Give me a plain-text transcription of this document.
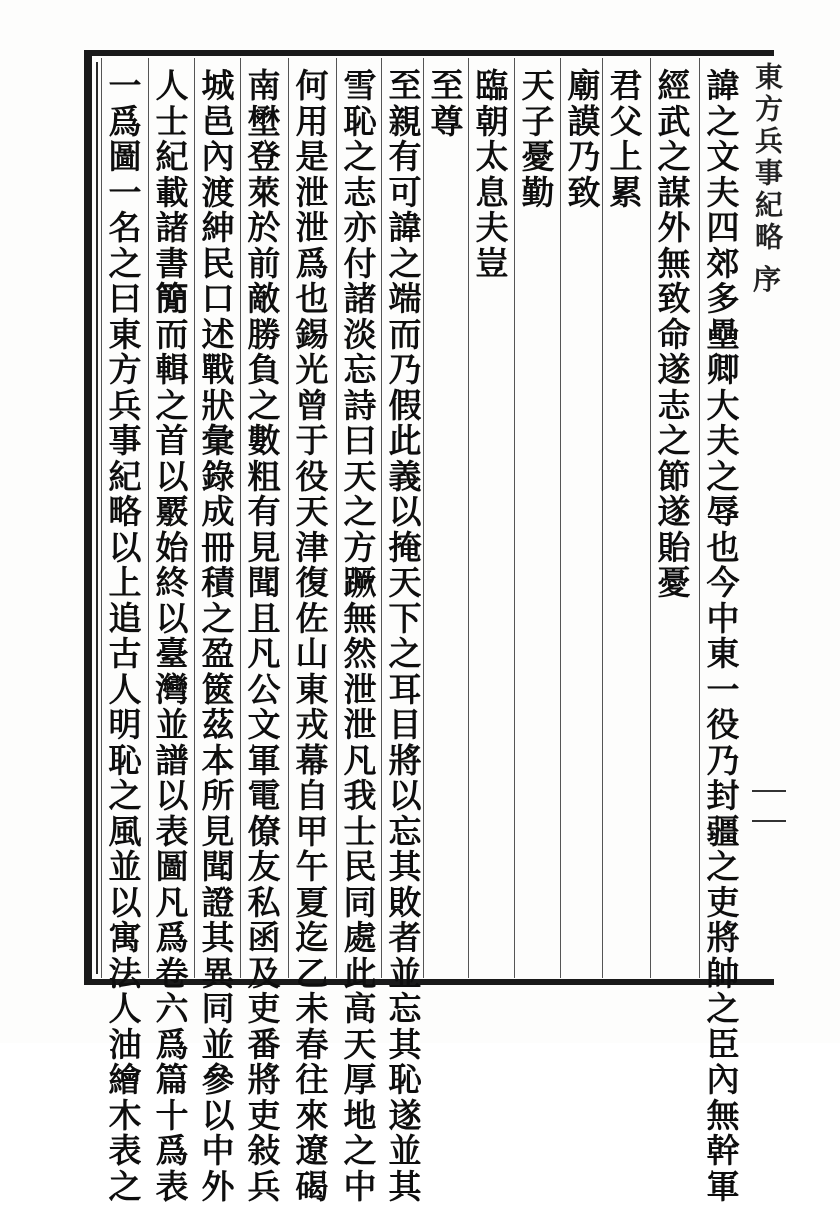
東方兵事紀略
序
諱
之
文
夫
四
郊
多
壘
卿
大
夫
之
辱
也
今
中
東
一
役
乃
封
疆
之
吏
將
帥
之
臣
內
無
幹
軍
經
武
之
謀
外
無
致
命
遂
志
之
節
遂
貽
憂
君
父
上
累
廟
謨
乃
致
天
子
憂
勤
臨
朝
太
息
夫
豈
至
尊
至
親
有
可
諱
之
端
而
乃
假
此
義
以
掩
天
下
之
耳
目
將
以
忘
其
敗
者
並
忘
其
恥
遂
並
其
雪
恥
之
志
亦
付
諸
淡
忘
詩
曰
天
之
方
蹶
無
然
泄
泄
凡
我
士
民
同
處
此
高
天
厚
地
之
中
何
用
是
泄
泄
爲
也
錫
光
曾
于
役
天
津
復
佐
山
東
戎
幕
自
甲
午
夏
迄
乙
未
春
往
來
遼
碣
南
壄
登
萊
於
前
敵
勝
負
之
數
粗
有
見
聞
且
凡
公
文
軍
電
僚
友
私
函
及
吏
番
將
吏
敍
兵
城
邑
內
渡
紳
民
口
述
戰
狀
彙
錄
成
冊
積
之
盈
篋
茲
本
所
見
聞
證
其
異
同
並
參
以
中
外
人
士
紀
載
諸
書
𥳑
而
輯
之
首
以
覈
始
終
以
臺
灣
並
譜
以
表
圖
凡
爲
卷
六
爲
篇
十
爲
表
一
爲
圖
一
名
之
曰
東
方
兵
事
紀
略
以
上
追
古
人
明
恥
之
風
並
以
寓
法
人
油
繪
木
表
之
